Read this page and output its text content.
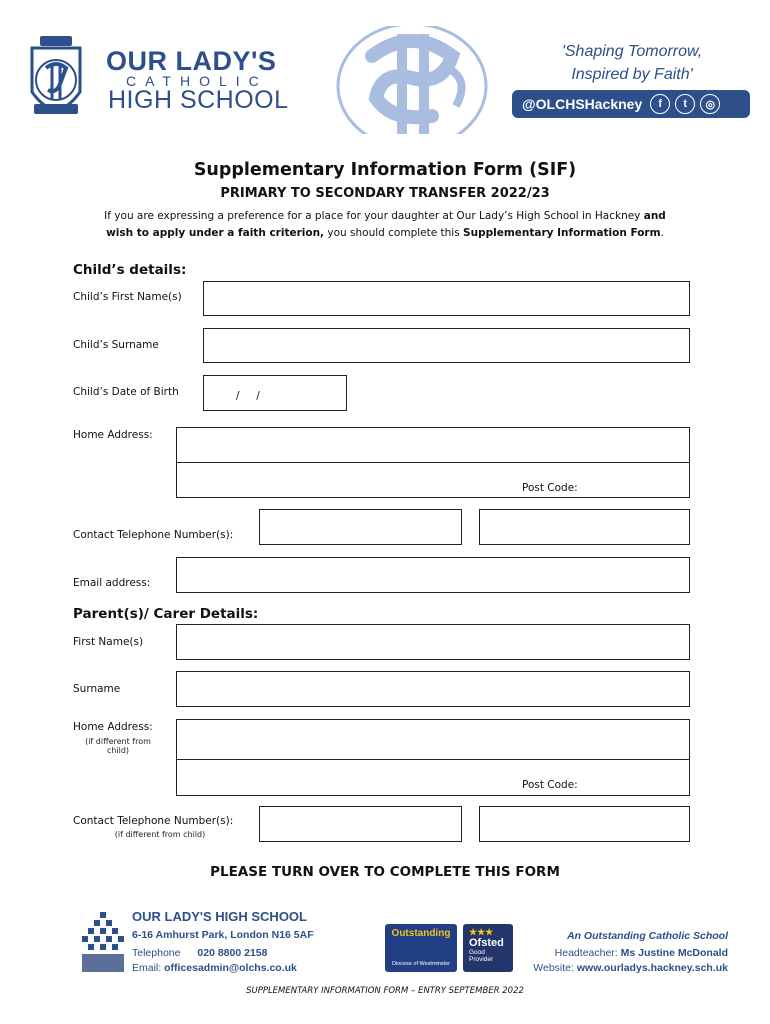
OUR LADY'S
CATHOLIC
HIGH SCHOOL
'Shaping Tomorrow,
Inspired by Faith'
@OLCHSHackney	f	t	◎
Supplementary Information Form (SIF)
PRIMARY TO SECONDARY TRANSFER 2022/23
If you are expressing a preference for a place for your daughter at Our Lady’s High School in Hackney and
wish to apply under a faith criterion, you should complete this Supplementary Information Form.
Child’s details:
Child’s First Name(s)
Child’s Surname
Child’s Date of Birth	/     /
Home Address:
Post Code:
Contact Telephone Number(s):
Email address:
Parent(s)/ Carer Details:
First Name(s)
Surname
Home Address:
(if different from child)
Post Code:
Contact Telephone Number(s):
(if different from child)
PLEASE TURN OVER TO COMPLETE THIS FORM
OUR LADY'S HIGH SCHOOL
6-16 Amhurst Park, London N16 5AF
Telephone 020 8800 2158
Email: officesadmin@olchs.co.uk
Outstanding
Diocese of Westminster
★★★
Ofsted
Good
Provider
An Outstanding Catholic School
Headteacher: Ms Justine McDonald
Website: www.ourladys.hackney.sch.uk
SUPPLEMENTARY INFORMATION FORM – ENTRY SEPTEMBER 2022
